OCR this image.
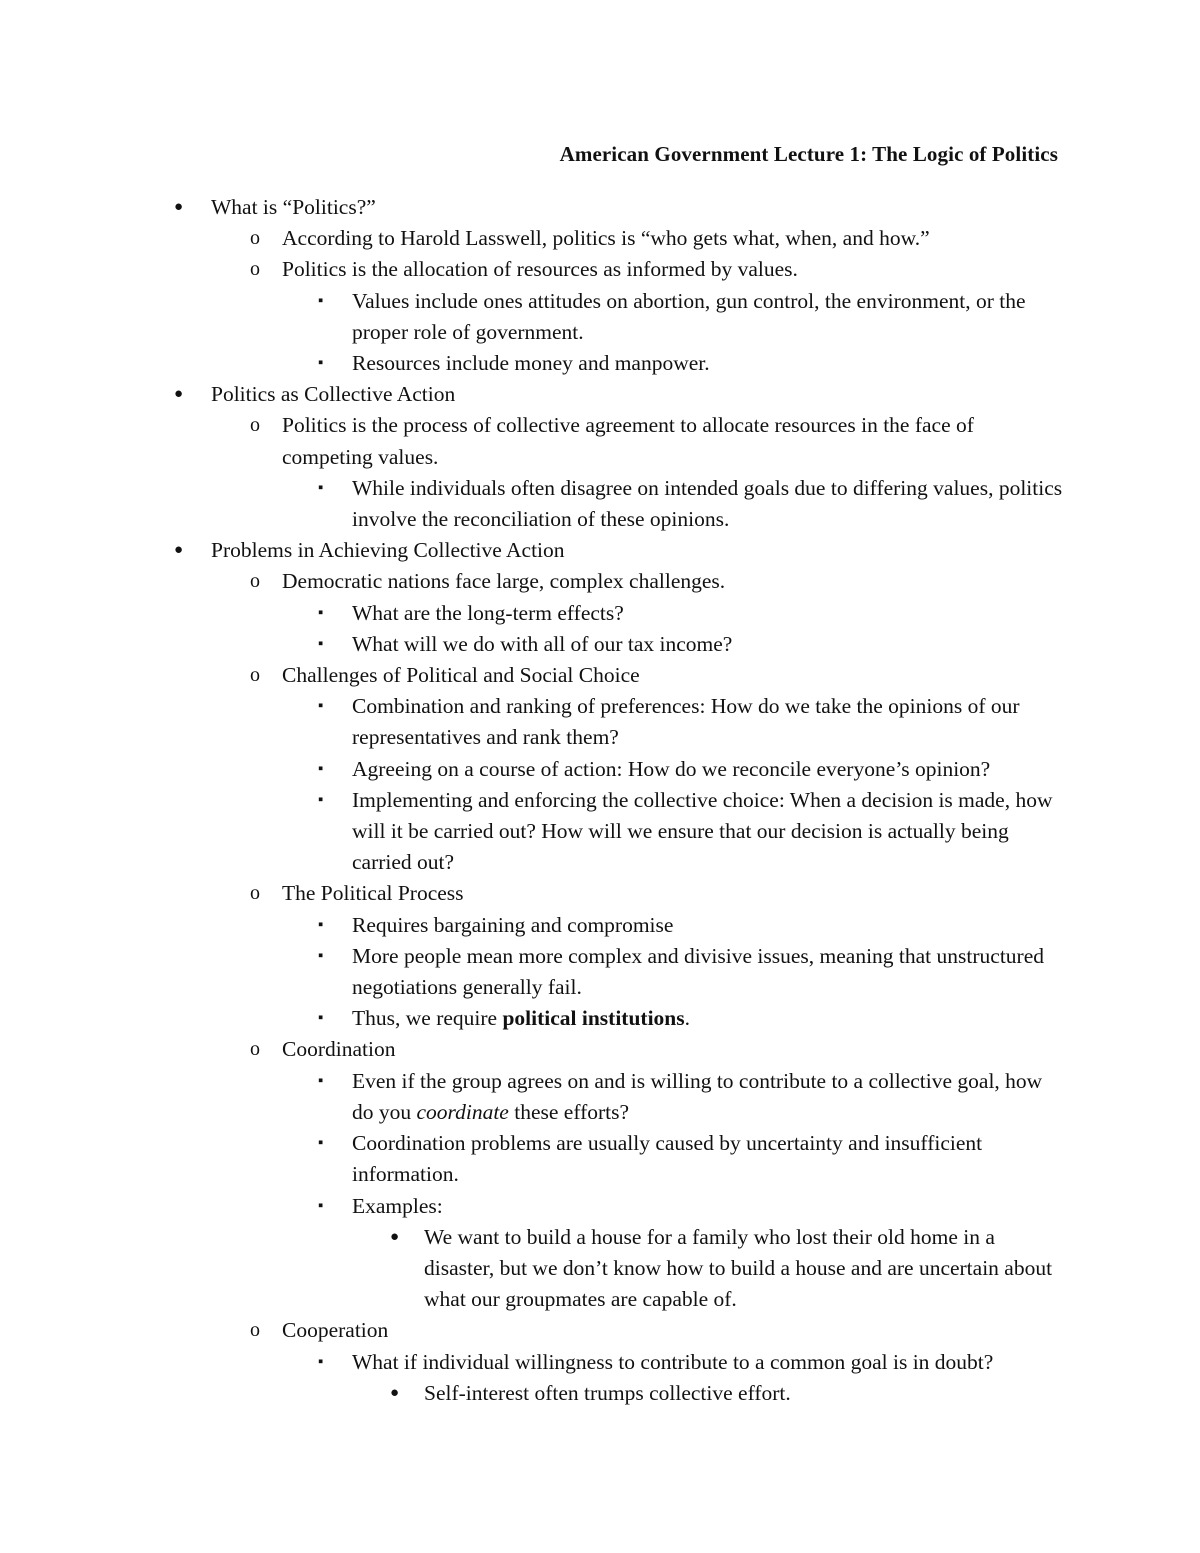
American Government Lecture 1: The Logic of Politics
● What is “Politics?”
o According to Harold Lasswell, politics is “who gets what, when, and how.”
o Politics is the allocation of resources as informed by values.
▪ Values include ones attitudes on abortion, gun control, the environment, or the proper role of government.
▪ Resources include money and manpower.
● Politics as Collective Action
o Politics is the process of collective agreement to allocate resources in the face of competing values.
▪ While individuals often disagree on intended goals due to differing values, politics involve the reconciliation of these opinions.
● Problems in Achieving Collective Action
o Democratic nations face large, complex challenges.
▪ What are the long-term effects?
▪ What will we do with all of our tax income?
o Challenges of Political and Social Choice
▪ Combination and ranking of preferences: How do we take the opinions of our representatives and rank them?
▪ Agreeing on a course of action: How do we reconcile everyone’s opinion?
▪ Implementing and enforcing the collective choice: When a decision is made, how will it be carried out? How will we ensure that our decision is actually being carried out?
o The Political Process
▪ Requires bargaining and compromise
▪ More people mean more complex and divisive issues, meaning that unstructured negotiations generally fail.
▪ Thus, we require political institutions.
o Coordination
▪ Even if the group agrees on and is willing to contribute to a collective goal, how do you coordinate these efforts?
▪ Coordination problems are usually caused by uncertainty and insufficient information.
▪ Examples:
● We want to build a house for a family who lost their old home in a disaster, but we don’t know how to build a house and are uncertain about what our groupmates are capable of.
o Cooperation
▪ What if individual willingness to contribute to a common goal is in doubt?
● Self-interest often trumps collective effort.
